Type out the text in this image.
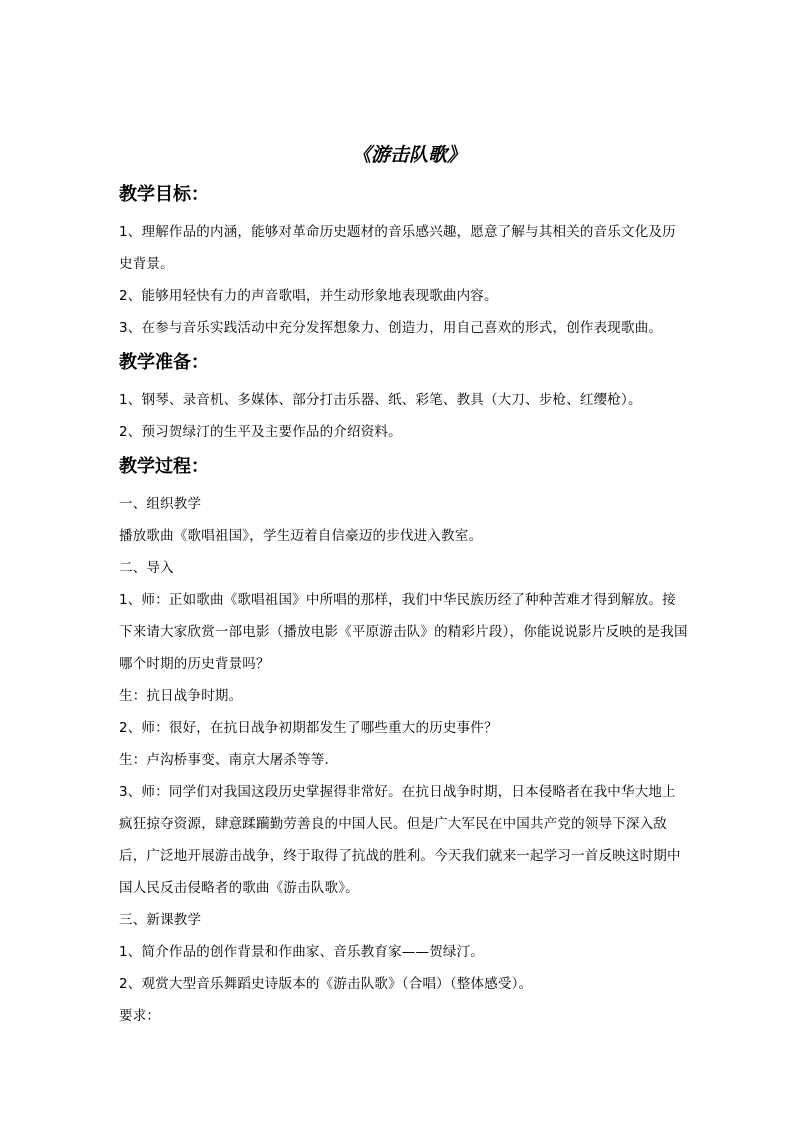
《游击队歌》
教学目标：

1、理解作品的内涵，能够对革命历史题材的音乐感兴趣，愿意了解与其相关的音乐文化及历史背景。

2、能够用轻快有力的声音歌唱，并生动形象地表现歌曲内容。

3、在参与音乐实践活动中充分发挥想象力、创造力，用自己喜欢的形式，创作表现歌曲。

教学准备：

1、钢琴、录音机、多媒体、部分打击乐器、纸、彩笔、教具（大刀、步枪、红缨枪）。

2、预习贺绿汀的生平及主要作品的介绍资料。

教学过程：

一、组织教学

播放歌曲《歌唱祖国》，学生迈着自信豪迈的步伐进入教室。

二、导入

1、师：正如歌曲《歌唱祖国》中所唱的那样，我们中华民族历经了种种苦难才得到解放。接下来请大家欣赏一部电影（播放电影《平原游击队》的精彩片段），你能说说影片反映的是我国哪个时期的历史背景吗？

生：抗日战争时期。

2、师：很好，在抗日战争初期都发生了哪些重大的历史事件？

生：卢沟桥事变、南京大屠杀等等.

3、师：同学们对我国这段历史掌握得非常好。在抗日战争时期，日本侵略者在我中华大地上疯狂掠夺资源，肆意蹂躏勤劳善良的中国人民。但是广大军民在中国共产党的领导下深入敌后，广泛地开展游击战争，终于取得了抗战的胜利。今天我们就来一起学习一首反映这时期中国人民反击侵略者的歌曲《游击队歌》。

三、新课教学

1、简介作品的创作背景和作曲家、音乐教育家——贺绿汀。

2、观赏大型音乐舞蹈史诗版本的《游击队歌》（合唱）（整体感受）。

要求：
